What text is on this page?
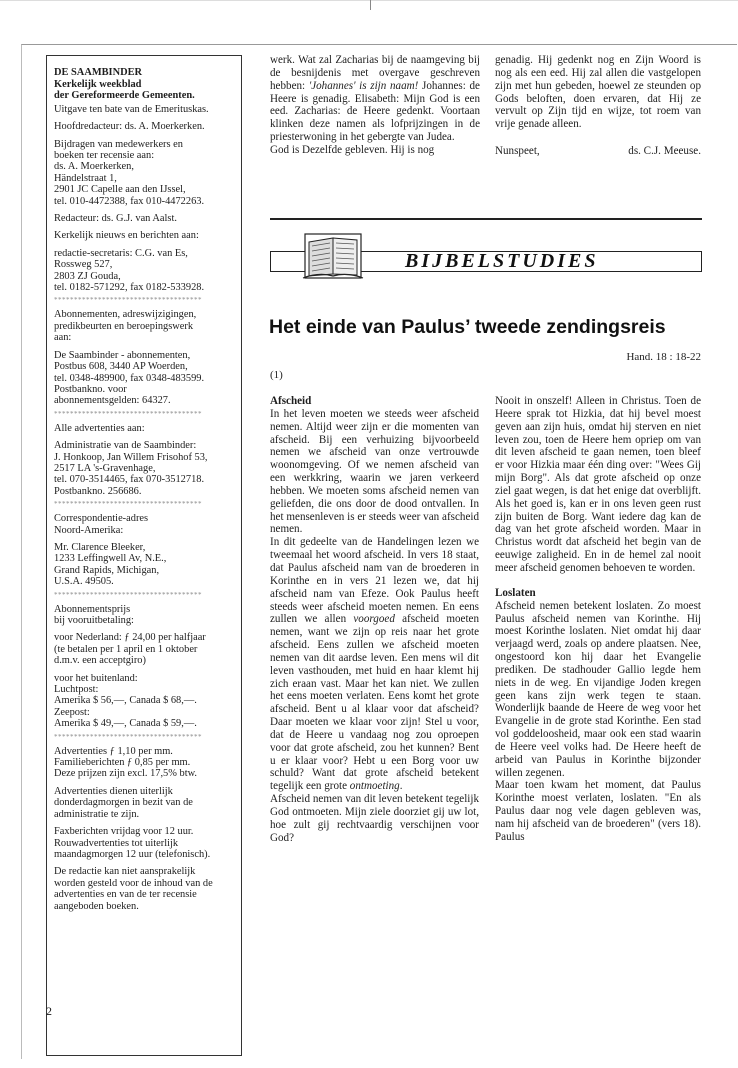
DE SAAMBINDER
Kerkelijk weekblad
der Gereformeerde Gemeenten.

Uitgave ten bate van de Emerituskas.

Hoofdredacteur: ds. A. Moerkerken.

Bijdragen van medewerkers en
boeken ter recensie aan:
ds. A. Moerkerken,
Händelstraat 1,
2901 JC Capelle aan den IJssel,
tel. 010-4472388, fax 010-4472263.

Redacteur: ds. G.J. van Aalst.

Kerkelijk nieuws en berichten aan:

redactie-secretaris: C.G. van Es,
Rossweg 527,
2803 ZJ Gouda,
tel. 0182-571292, fax 0182-533928.

*************************************

Abonnementen, adreswijzigingen,
predikbeurten en beroepingswerk
aan:

De Saambinder - abonnementen,
Postbus 608, 3440 AP Woerden,
tel. 0348-489900, fax 0348-483599.
Postbankno. voor
abonnementsgelden: 64327.

*************************************

Alle advertenties aan:

Administratie van de Saambinder:
J. Honkoop, Jan Willem Frisohof 53,
2517 LA 's-Gravenhage,
tel. 070-3514465, fax 070-3512718.
Postbankno. 256686.

*************************************

Correspondentie-adres
Noord-Amerika:

Mr. Clarence Bleeker,
1233 Leffingwell Av, N.E.,
Grand Rapids, Michigan,
U.S.A. 49505.

*************************************

Abonnementsprijs
bij vooruitbetaling:

voor Nederland: ƒ 24,00 per halfjaar
(te betalen per 1 april en 1 oktober
d.m.v. een acceptgiro)

voor het buitenland:
Luchtpost:
Amerika $ 56,—, Canada $ 68,—.
Zeepost:
Amerika $ 49,—, Canada $ 59,—.

*************************************

Advertenties ƒ 1,10 per mm.
Familieberichten ƒ 0,85 per mm.
Deze prijzen zijn excl. 17,5% btw.

Advertenties dienen uiterlijk
donderdagmorgen in bezit van de
administratie te zijn.

Faxberichten vrijdag voor 12 uur.
Rouwadvertenties tot uiterlijk
maandagmorgen 12 uur (telefonisch).

De redactie kan niet aansprakelijk
worden gesteld voor de inhoud van de
advertenties en van de ter recensie
aangeboden boeken.

werk. Wat zal Zacharias bij de naamgeving bij de besnijdenis met overgave geschreven hebben: 'Johannes' is zijn naam! Johannes: de Heere is genadig. Elisabeth: Mijn God is een eed. Zacharias: de Heere gedenkt. Voortaan klinken deze namen als lofprijzingen in de priesterwoning in het gebergte van Judea.

God is Dezelfde gebleven. Hij is nog

genadig. Hij gedenkt nog en Zijn Woord is nog als een eed. Hij zal allen die vastgelopen zijn met hun gebeden, hoewel ze steunden op Gods beloften, doen ervaren, dat Hij ze vervult op Zijn tijd en wijze, tot roem van vrije genade alleen.

Nunspeet,	ds. C.J. Meeuse.
BIJBELSTUDIES
Het einde van Paulus’ tweede zendingsreis
Hand. 18 : 18-22
(1)

Afscheid

In het leven moeten we steeds weer afscheid nemen. Altijd weer zijn er die momenten van afscheid. Bij een verhuizing bijvoorbeeld nemen we afscheid van onze vertrouwde woonomgeving. Of we nemen afscheid van een werkkring, waarin we jaren verkeerd hebben. We moeten soms afscheid nemen van geliefden, die ons door de dood ontvallen. In het mensenleven is er steeds weer van afscheid nemen.

In dit gedeelte van de Handelingen lezen we tweemaal het woord afscheid. In vers 18 staat, dat Paulus afscheid nam van de broederen in Korinthe en in vers 21 lezen we, dat hij afscheid nam van Efeze. Ook Paulus heeft steeds weer afscheid moeten nemen. En eens zullen we allen voorgoed afscheid moeten nemen, want we zijn op reis naar het grote afscheid. Eens zullen we afscheid moeten nemen van dit aardse leven. Een mens wil dit leven vasthouden, met huid en haar klemt hij zich eraan vast. Maar het kan niet. We zullen het eens moeten verlaten. Eens komt het grote afscheid. Bent u al klaar voor dat afscheid? Daar moeten we klaar voor zijn! Stel u voor, dat de Heere u vandaag nog zou oproepen voor dat grote afscheid, zou het kunnen? Bent u er klaar voor? Hebt u een Borg voor uw schuld? Want dat grote afscheid betekent tegelijk een grote ontmoeting.

Afscheid nemen van dit leven betekent tegelijk God ontmoeten. Mijn ziele doorziet gij uw lot, hoe zult gij rechtvaardig verschijnen voor God?

Nooit in onszelf! Alleen in Christus. Toen de Heere sprak tot Hizkia, dat hij bevel moest geven aan zijn huis, omdat hij sterven en niet leven zou, toen de Heere hem opriep om van dit leven afscheid te gaan nemen, toen bleef er voor Hizkia maar één ding over: "Wees Gij mijn Borg". Als dat grote afscheid op onze ziel gaat wegen, is dat het enige dat overblijft. Als het goed is, kan er in ons leven geen rust zijn buiten de Borg. Want iedere dag kan de dag van het grote afscheid worden. Maar in Christus wordt dat afscheid het begin van de eeuwige zaligheid. En in de hemel zal nooit meer afscheid genomen behoeven te worden.

Loslaten

Afscheid nemen betekent loslaten. Zo moest Paulus afscheid nemen van Korinthe. Hij moest Korinthe loslaten. Niet omdat hij daar verjaagd werd, zoals op andere plaatsen. Nee, ongestoord kon hij daar het Evangelie prediken. De stadhouder Gallio legde hem niets in de weg. En vijandige Joden kregen geen kans zijn werk tegen te staan. Wonderlijk baande de Heere de weg voor het Evangelie in de grote stad Korinthe. Een stad vol goddeloosheid, maar ook een stad waarin de Heere veel volks had. De Heere heeft de arbeid van Paulus in Korinthe bijzonder willen zegenen.

Maar toen kwam het moment, dat Paulus Korinthe moest verlaten, loslaten. "En als Paulus daar nog vele dagen gebleven was, nam hij afscheid van de broederen" (vers 18). Paulus

2
